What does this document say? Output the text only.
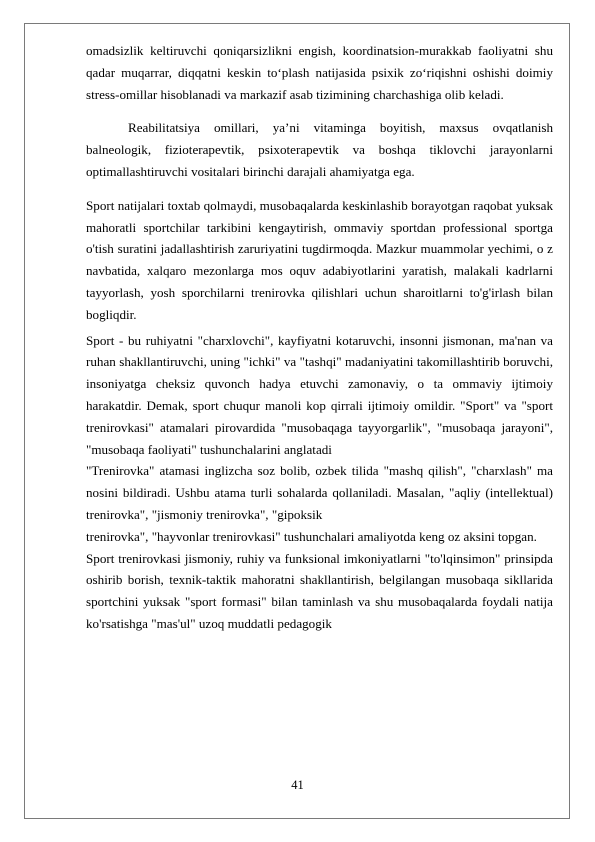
omadsizlik keltiruvchi qoniqarsizlikni engish, koordinatsion-murakkab faoliyatni shu qadar muqarrar, diqqatni keskin to‘plash natijasida psixik zo‘riqishni oshishi doimiy stress-omillar hisoblanadi va markazif asab tizimining charchashiga olib keladi.

Reabilitatsiya omillari, ya’ni vitaminga boyitish, maxsus ovqatlanish balneologik, fizioterapevtik, psixoterapevtik va boshqa tiklovchi jarayonlarni optimallashtiruvchi vositalari birinchi darajali ahamiyatga ega.

Sport natijalari toxtab qolmaydi, musobaqalarda keskinlashib borayotgan raqobat yuksak mahoratli sportchilar tarkibini kengaytirish, ommaviy sportdan professional sportga o'tish suratini jadallashtirish zaruriyatini tugdirmoqda. Mazkur muammolar yechimi, o z navbatida, xalqaro mezonlarga mos oquv adabiyotlarini yaratish, malakali kadrlarni tayyorlash, yosh sporchilarni trenirovka qilishlari uchun sharoitlarni to'g'irlash bilan bogliqdir.

Sport - bu ruhiyatni "charxlovchi", kayfiyatni kotaruvchi, insonni jismonan, ma'nan va ruhan shakllantiruvchi, uning "ichki" va "tashqi" madaniyatini takomillashtirib boruvchi, insoniyatga cheksiz quvonch hadya etuvchi zamonaviy, o ta ommaviy ijtimoiy harakatdir. Demak, sport chuqur manoli kop qirrali ijtimoiy omildir. "Sport" va "sport trenirovkasi" atamalari pirovardida "musobaqaga tayyorgarlik", "musobaqa jarayoni", "musobaqa faoliyati" tushunchalarini anglatadi

"Trenirovka" atamasi inglizcha soz bolib, ozbek tilida "mashq qilish", "charxlash" ma nosini bildiradi. Ushbu atama turli sohalarda qollaniladi. Masalan, "aqliy (intellektual) trenirovka", "jismoniy trenirovka", "gipoksik

trenirovka", "hayvonlar trenirovkasi" tushunchalari amaliyotda keng oz aksini topgan.

Sport trenirovkasi jismoniy, ruhiy va funksional imkoniyatlarni "to'lqinsimon" prinsipda oshirib borish, texnik-taktik mahoratni shakllantirish, belgilangan musobaqa sikllarida sportchini yuksak "sport formasi" bilan taminlash va shu musobaqalarda foydali natija ko'rsatishga "mas'ul" uzoq muddatli pedagogik

41
